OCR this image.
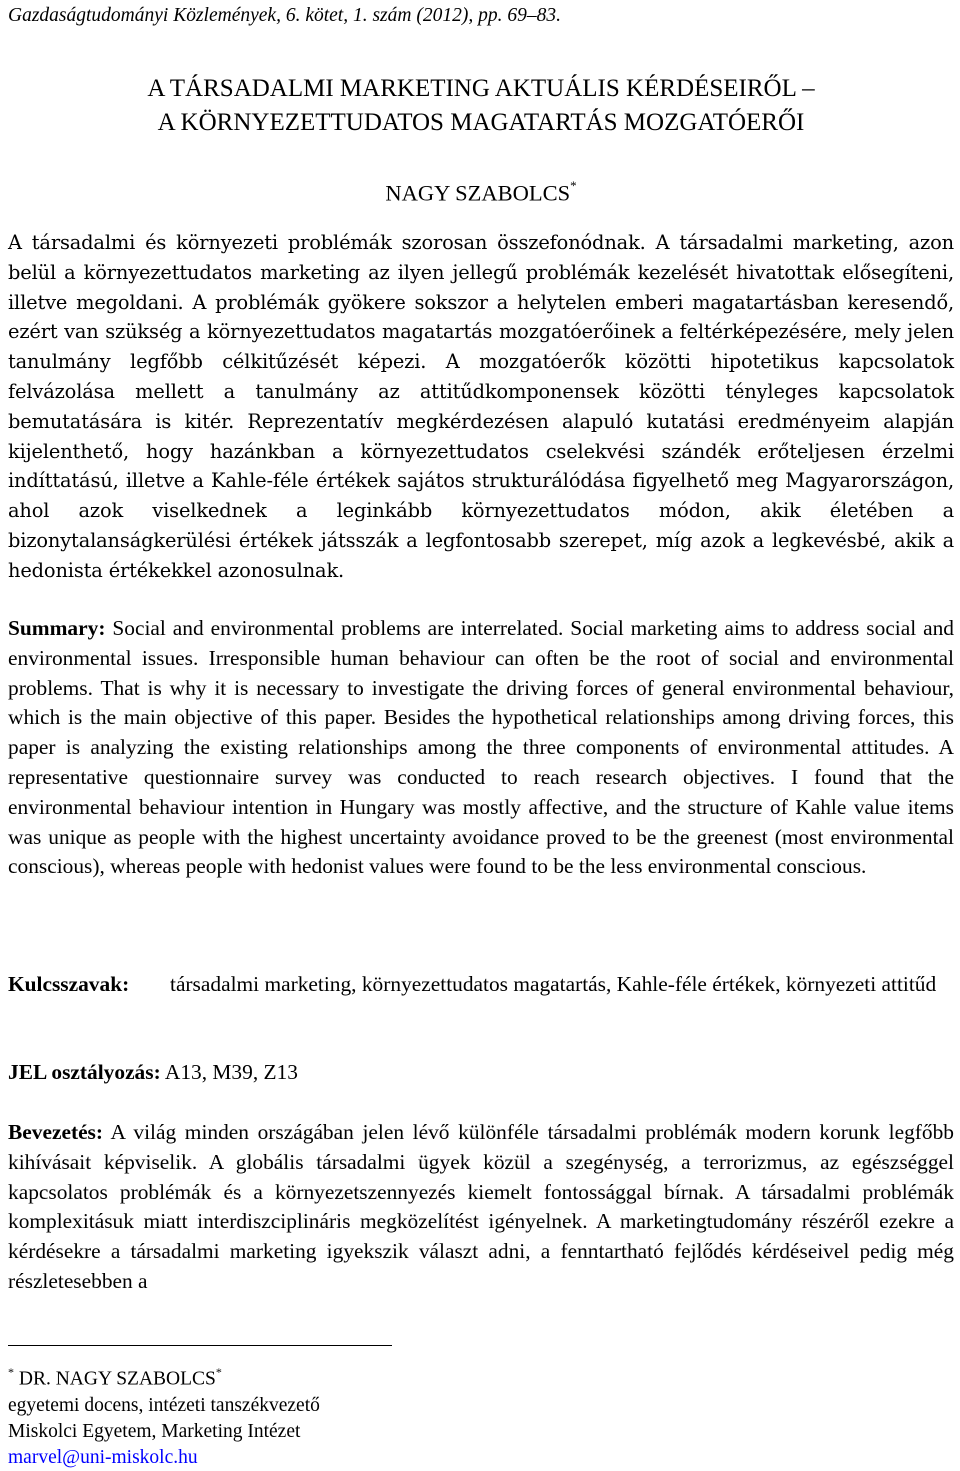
Gazdaságtudományi Közlemények, 6. kötet, 1. szám (2012), pp. 69–83.
A TÁRSADALMI MARKETING AKTUÁLIS KÉRDÉSEIRŐL –
A KÖRNYEZETTUDATOS MAGATARTÁS MOZGATÓERŐI
NAGY SZABOLCS*
A társadalmi és környezeti problémák szorosan összefonódnak. A társadalmi marketing, azon belül a környezettudatos marketing az ilyen jellegű problémák kezelését hivatottak elősegíteni, illetve megoldani. A problémák gyökere sokszor a helytelen emberi magatartásban keresendő, ezért van szükség a környezettudatos magatartás mozgatóerőinek a feltérképezésére, mely jelen tanulmány legfőbb célkitűzését képezi. A mozgatóerők közötti hipotetikus kapcsolatok felvázolása mellett a tanulmány az attitűdkomponensek közötti tényleges kapcsolatok bemutatására is kitér. Reprezentatív megkérdezésen alapuló kutatási eredményeim alapján kijelenthető, hogy hazánkban a környezettudatos cselekvési szándék erőteljesen érzelmi indíttatású, illetve a Kahle-féle értékek sajátos strukturálódása figyelhető meg Magyarországon, ahol azok viselkednek a leginkább környezettudatos módon, akik életében a bizonytalanságkerülési értékek játsszák a legfontosabb szerepet, míg azok a legkevésbé, akik a hedonista értékekkel azonosulnak.
Summary: Social and environmental problems are interrelated. Social marketing aims to address social and environmental issues. Irresponsible human behaviour can often be the root of social and environmental problems. That is why it is necessary to investigate the driving forces of general environmental behaviour, which is the main objective of this paper. Besides the hypothetical relationships among driving forces, this paper is analyzing the existing relationships among the three components of environmental attitudes. A representative questionnaire survey was conducted to reach research objectives. I found that the environmental behaviour intention in Hungary was mostly affective, and the structure of Kahle value items was unique as people with the highest uncertainty avoidance proved to be the greenest (most environmental conscious), whereas people with hedonist values were found to be the less environmental conscious.
Kulcsszavak:	társadalmi marketing, környezettudatos magatartás, Kahle-féle értékek, környezeti attitűd
JEL osztályozás: A13, M39, Z13
Bevezetés: A világ minden országában jelen lévő különféle társadalmi problémák modern korunk legfőbb kihívásait képviselik. A globális társadalmi ügyek közül a szegénység, a terrorizmus, az egészséggel kapcsolatos problémák és a környezetszennyezés kiemelt fontossággal bírnak. A társadalmi problémák komplexitásuk miatt interdiszciplináris megközelítést igényelnek. A marketingtudomány részéről ezekre a kérdésekre a társadalmi marketing igyekszik választ adni, a fenntartható fejlődés kérdéseivel pedig még részletesebben a
* DR. NAGY SZABOLCS*
egyetemi docens, intézeti tanszékvezető
Miskolci Egyetem, Marketing Intézet
marvel@uni-miskolc.hu
